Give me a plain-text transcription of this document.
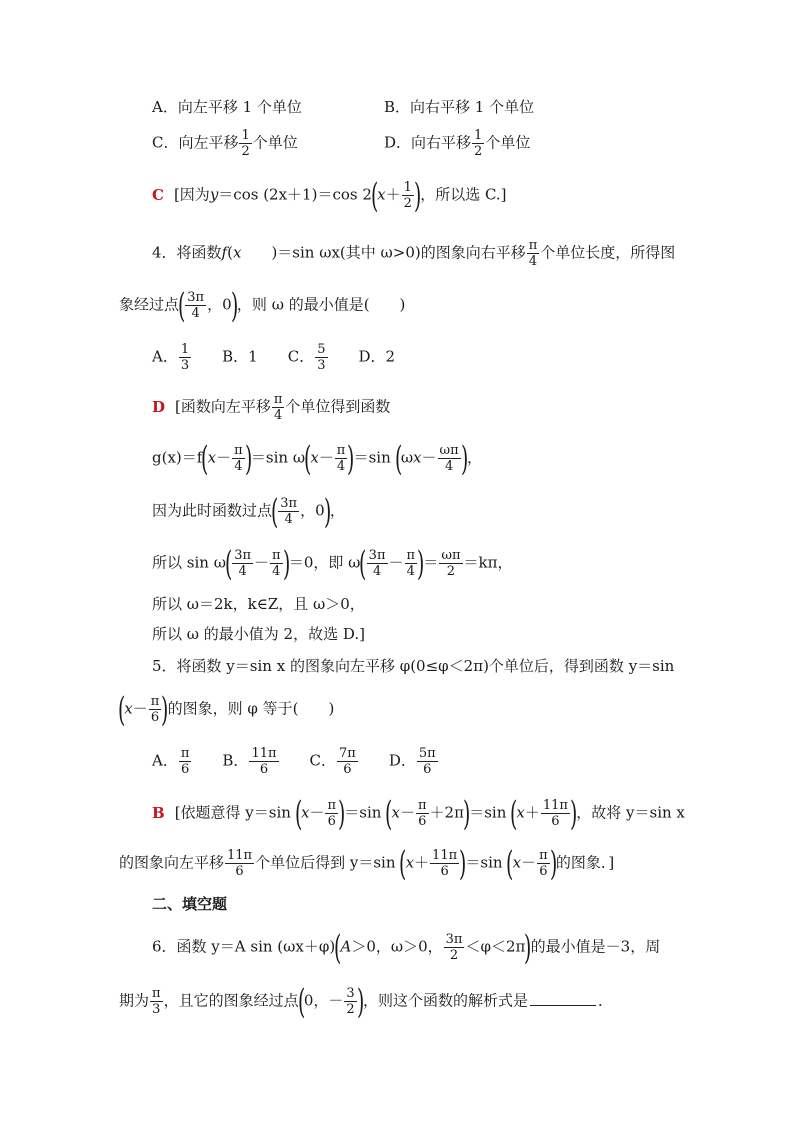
A．向左平移 1 个单位	B．向右平移 1 个单位
C．向左平移 $\frac{1}{2}$ 个单位	D．向右平移 $\frac{1}{2}$ 个单位
C [因为y＝cos (2x＋1)＝cos $2(x+ \frac{1}{2}$ )，所以选 C.]
4．将函数f(x　　)＝sin ωx(其中 ω>0)的图象向右平移 $\frac{\pi}{4}$ 个单位长度，所得图
象经过点( $\frac{3\pi}{4}$ ，0)，则 ω 的最小值是(　　)
A． $\frac{1}{3}$
　　 B．1　　 C． $\frac{5}{3}$
　　 D．2
D [函数向左平移 $\frac{\pi}{4}$ 个单位得到函数
$g(x)=f(x- \frac{\pi}{4} )=\sin$ $\omega(x- \frac{\pi}{4} )=\sin$ ($\omega x- \frac{\omega\pi}{4}$ )，
因为此时函数过点( $\frac{3\pi}{4}$ ，0)，
所以 $\sin \omega( \frac{3\pi}{4} - \frac{\pi}{4} )=0$，即 $\omega( \frac{3\pi}{4} - \frac{\pi}{4}$ )＝ $\frac{\omega\pi}{2} =k\pi$，
所以 ω＝2k，k∈Z，且 ω＞0，
所以 ω 的最小值为 2，故选 D.]
5．将函数 y＝sin x 的图象向左平移 φ(0≤φ＜2π)个单位后，得到函数 y＝sin
($x- \frac{\pi}{6}$ )的图象，则 φ 等于(　　)
A． $\frac{\pi}{6}$
　　 B． $\frac{11\pi}{6}$
　　 C． $\frac{7\pi}{6}$
　　 D． $\frac{5\pi}{6}$
B [依题意得 y＝sin $(x- \frac{\pi}{6} )=\sin$ $(x- \frac{\pi}{6} +2\pi)=\sin$ ($x+ \frac{11\pi}{6}$ )，故将 y＝sin x
的图象向左平移 $\frac{11\pi}{6}$ 个单位后得到 y＝sin $(x+ \frac{11\pi}{6} )=\sin$ ($x- \frac{\pi}{6}$ )的图象．]
二、填空题
6．函数 y＝A sin (ωx＋φ)(A＞0，ω＞0， $\frac{3\pi}{2} <\varphi<2\pi$)的最小值是－3，周
期为 $\frac{\pi}{3}$ ，且它的图象经过点(0，－ $\frac{3}{2}$ )，则这个函数的解析式是	．
